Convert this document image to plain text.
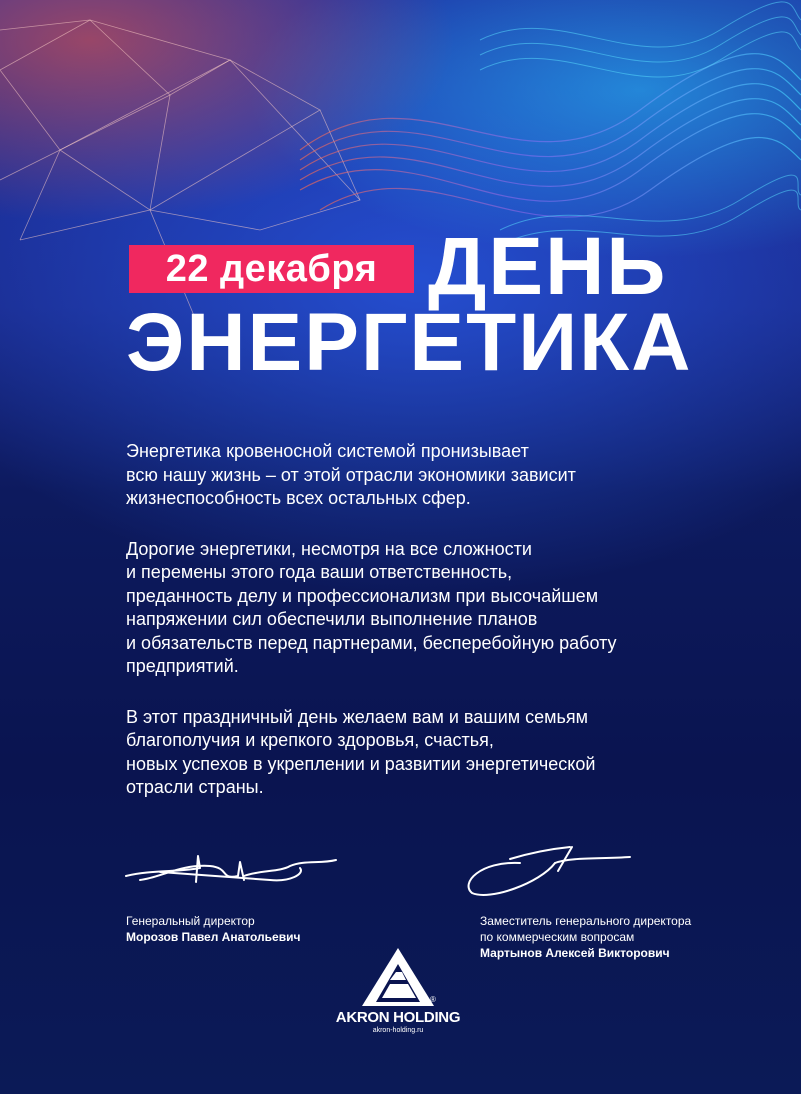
22 декабря ДЕНЬ
ЭНЕРГЕТИКА

Энергетика кровеносной системой пронизывает
всю нашу жизнь – от этой отрасли экономики зависит
жизнеспособность всех остальных сфер.

Дорогие энергетики, несмотря на все сложности
и перемены этого года ваши ответственность,
преданность делу и профессионализм при высочайшем
напряжении сил обеспечили выполнение планов
и обязательств перед партнерами, бесперебойную работу
предприятий.

В этот праздничный день желаем вам и вашим семьям
благополучия и крепкого здоровья, счастья,
новых успехов в укреплении и развитии энергетической
отрасли страны.

Генеральный директор
Морозов Павел Анатольевич
Заместитель генерального директора
по коммерческим вопросам
Мартынов Алексей Викторович
®
AKRON HOLDING
akron-holding.ru
